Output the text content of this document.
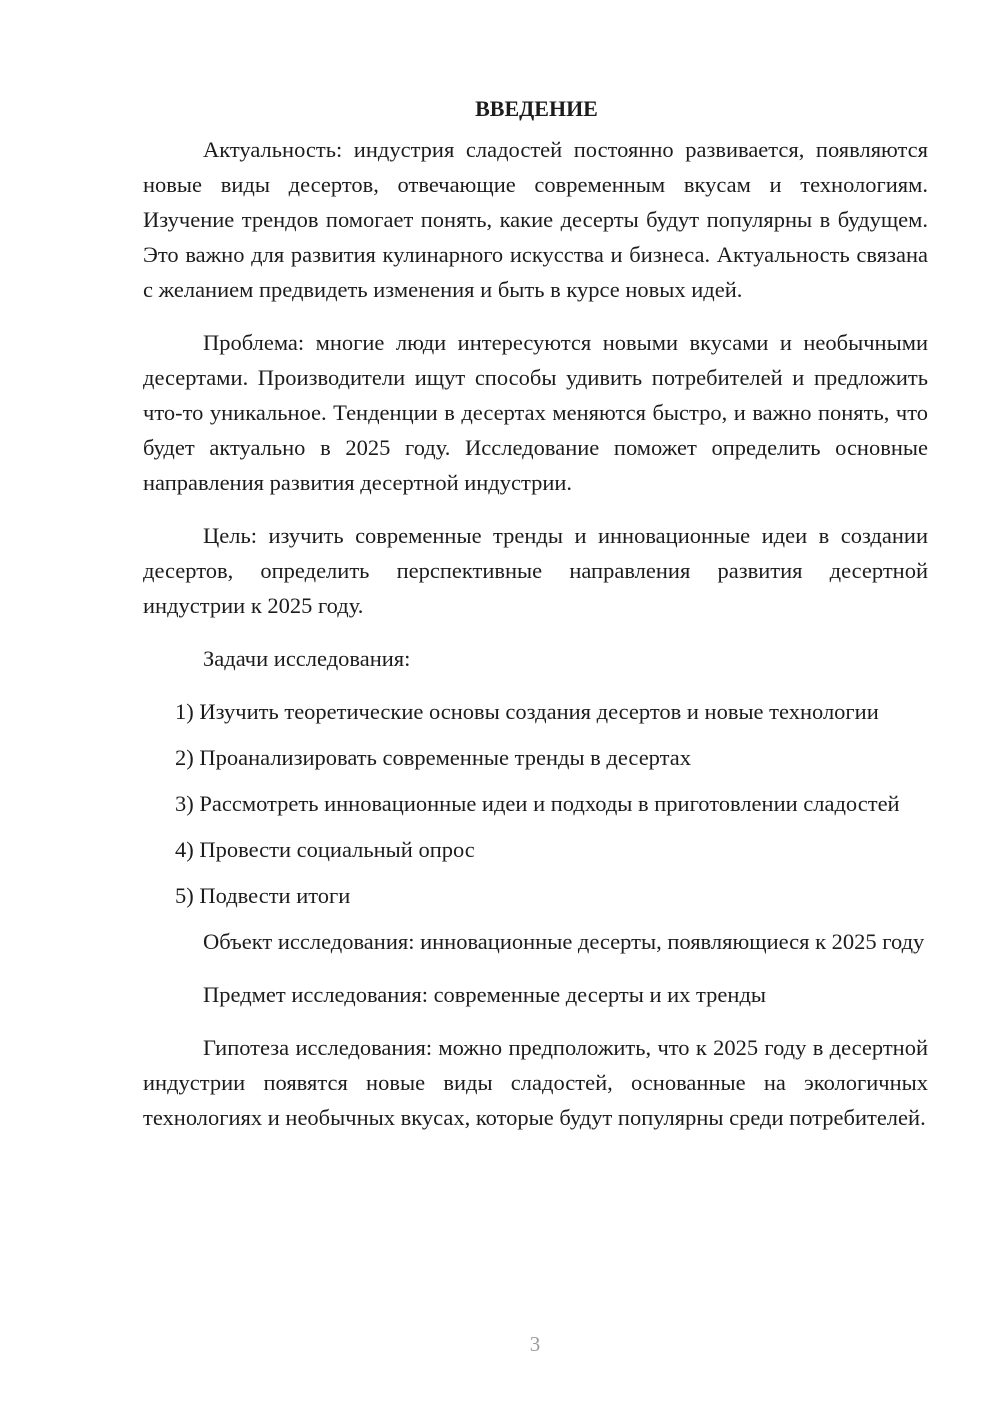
ВВЕДЕНИЕ

Актуальность: индустрия сладостей постоянно развивается, появляются новые виды десертов, отвечающие современным вкусам и технологиям. Изучение трендов помогает понять, какие десерты будут популярны в будущем. Это важно для развития кулинарного искусства и бизнеса. Актуальность связана с желанием предвидеть изменения и быть в курсе новых идей.

Проблема: многие люди интересуются новыми вкусами и необычными десертами. Производители ищут способы удивить потребителей и предложить что-то уникальное. Тенденции в десертах меняются быстро, и важно понять, что будет актуально в 2025 году. Исследование поможет определить основные направления развития десертной индустрии.

Цель: изучить современные тренды и инновационные идеи в создании десертов, определить перспективные направления развития десертной индустрии к 2025 году.

Задачи исследования:

1) Изучить теоретические основы создания десертов и новые технологии

2) Проанализировать современные тренды в десертах

3) Рассмотреть инновационные идеи и подходы в приготовлении сладостей

4) Провести социальный опрос

5) Подвести итоги

Объект исследования: инновационные десерты, появляющиеся к 2025 году

Предмет исследования: современные десерты и их тренды

Гипотеза исследования: можно предположить, что к 2025 году в десертной индустрии появятся новые виды сладостей, основанные на экологичных технологиях и необычных вкусах, которые будут популярны среди потребителей.

3
